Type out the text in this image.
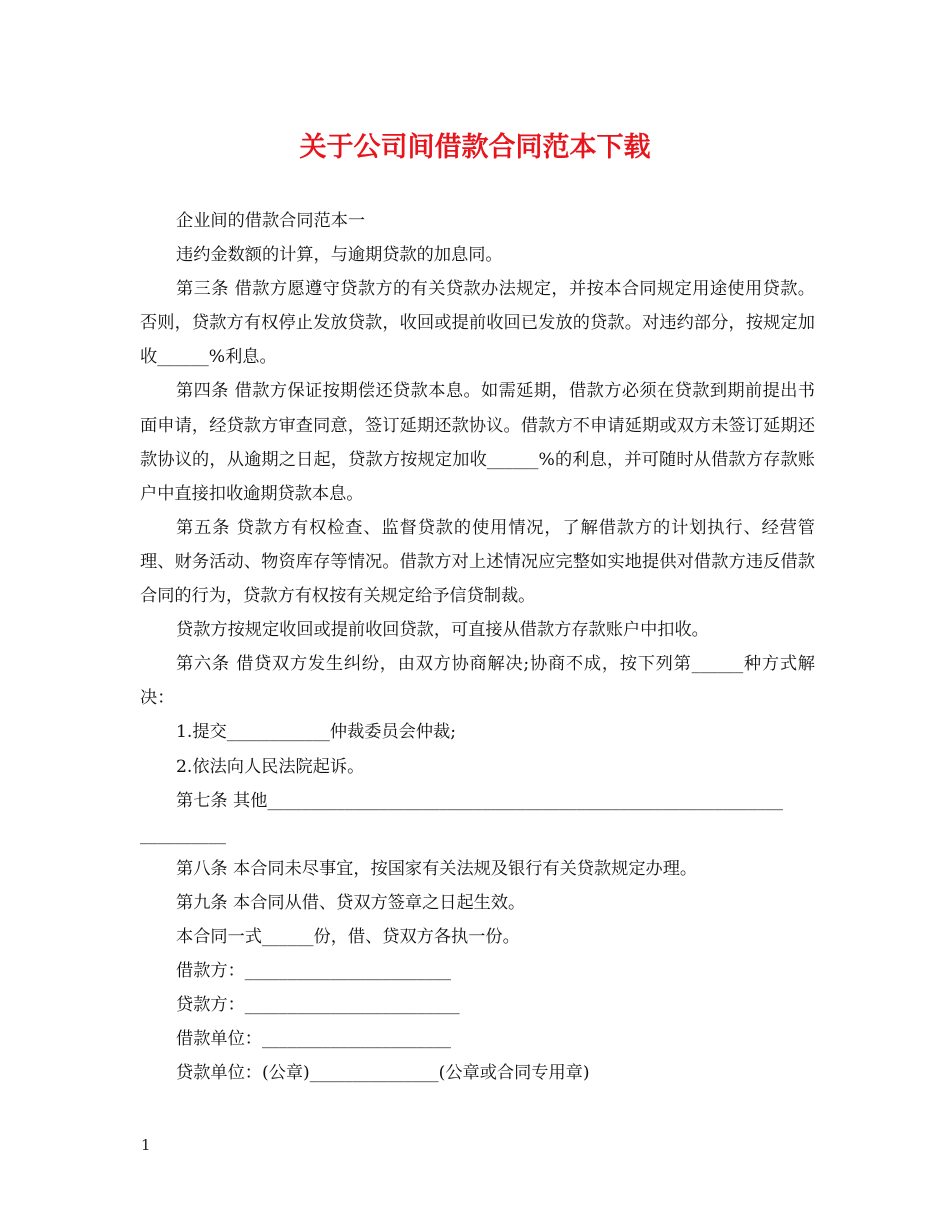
关于公司间借款合同范本下载

企业间的借款合同范本一

违约金数额的计算，与逾期贷款的加息同。

第三条 借款方愿遵守贷款方的有关贷款办法规定，并按本合同规定用途使用贷款。否则，贷款方有权停止发放贷款，收回或提前收回已发放的贷款。对违约部分，按规定加收______%利息。

第四条 借款方保证按期偿还贷款本息。如需延期，借款方必须在贷款到期前提出书面申请，经贷款方审查同意，签订延期还款协议。借款方不申请延期或双方未签订延期还款协议的，从逾期之日起，贷款方按规定加收______%的利息，并可随时从借款方存款账户中直接扣收逾期贷款本息。

第五条 贷款方有权检查、监督贷款的使用情况，了解借款方的计划执行、经营管理、财务活动、物资库存等情况。借款方对上述情况应完整如实地提供对借款方违反借款合同的行为，贷款方有权按有关规定给予信贷制裁。

贷款方按规定收回或提前收回贷款，可直接从借款方存款账户中扣收。

第六条 借贷双方发生纠纷，由双方协商解决;协商不成，按下列第______种方式解决：

1.提交____________仲裁委员会仲裁;

2.依法向人民法院起诉。

第七条 其他____________________________________________________________

__________

第八条 本合同未尽事宜，按国家有关法规及银行有关贷款规定办理。

第九条 本合同从借、贷双方签章之日起生效。

本合同一式______份，借、贷双方各执一份。

借款方：________________________

贷款方：_________________________

借款单位：______________________

贷款单位：(公章)_______________(公章或合同专用章)

1
